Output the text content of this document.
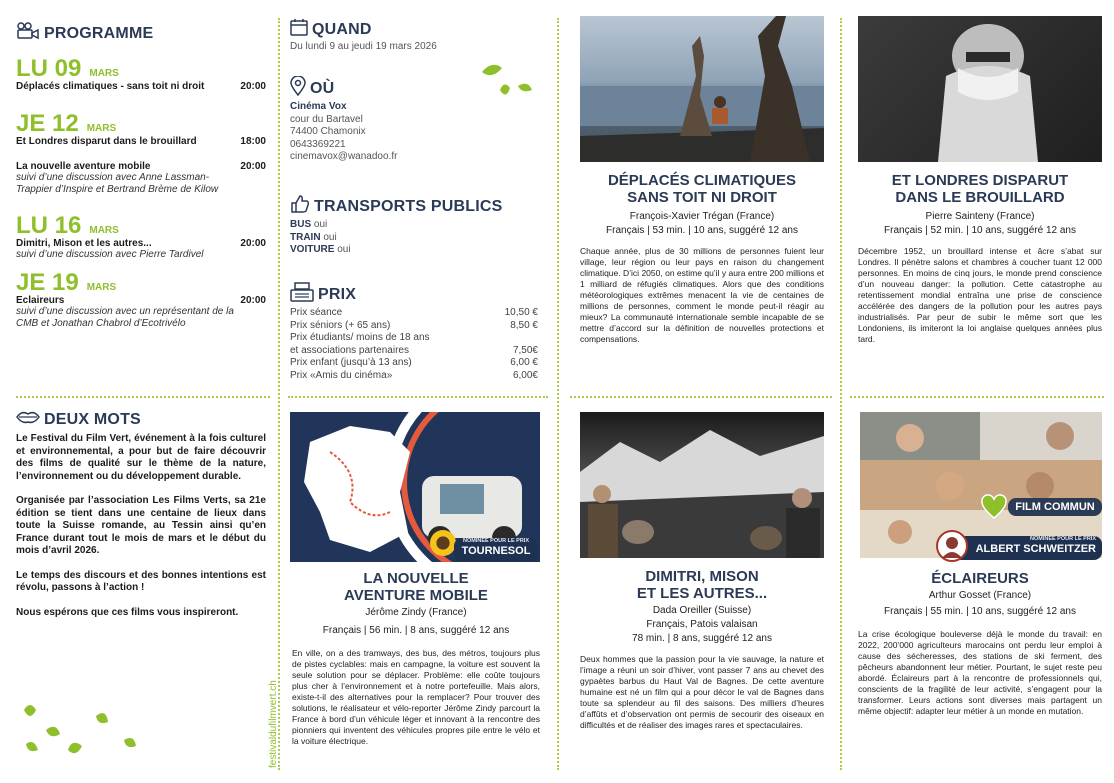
PROGRAMME
LU 09 MARS
Déplacés climatiques - sans toit ni droit	20:00
JE 12 MARS
Et Londres disparut dans le brouillard	18:00
La nouvelle aventure mobile	20:00
suivi d’une discussion avec Anne Lassman-Trappier d’Inspire et Bertrand Brème de Kilow
LU 16 MARS
Dimitri, Mison et les autres...	20:00
suivi d’une discussion avec Pierre Tardivel
JE 19 MARS
Eclaireurs	20:00
suivi d’une discussion avec un représentant de la CMB et Jonathan Chabrol d’Ecotrivélo
DEUX MOTS

Le Festival du Film Vert, événement à la fois culturel et environnemental, a pour but de faire découvrir des films de qualité sur le thème de la nature, l’environnement ou du développement durable.

Organisée par l’association Les Films Verts, sa 21e édition se tient dans une centaine de lieux dans toute la Suisse romande, au Tessin ainsi qu’en France durant tout le mois de mars et le début du mois d’avril 2026.

Le temps des discours et des bonnes intentions est révolu, passons à l’action !

Nous espérons que ces films vous inspireront.

QUAND
Du lundi 9 au jeudi 19 mars 2026
OÙ
Cinéma Vox
cour du Bartavel
74400 Chamonix
0643369221
cinemavox@wanadoo.fr
TRANSPORTS PUBLICS
BUS oui
TRAIN oui
VOITURE oui
PRIX
Prix séance	10,50 €
Prix séniors (+ 65 ans)	8,50 €
Prix étudiants/ moins de 18 ans
et associations partenaires	7,50€
Prix enfant (jusqu’à 13 ans)	6,00 €
Prix «Amis du cinéma»	6,00€
DÉPLACÉS CLIMATIQUES
SANS TOIT NI DROIT
François-Xavier Trégan (France)
Français | 53 min. | 10 ans, suggéré 12 ans

Chaque année, plus de 30 millions de personnes fuient leur village, leur région ou leur pays en raison du changement climatique. D’ici 2050, on estime qu’il y aura entre 200 millions et 1 milliard de réfugiés climatiques. Alors que des conditions météorologiques extrêmes menacent la vie de centaines de millions de personnes, comment le monde peut-il réagir au mieux? La communauté internationale semble incapable de se mettre d’accord sur la définition de nouvelles protections et compensations.

ET LONDRES DISPARUT
DANS LE BROUILLARD
Pierre Sainteny (France)
Français | 52 min. | 10 ans, suggéré 12 ans

Décembre 1952, un brouillard intense et âcre s’abat sur Londres. Il pénètre salons et chambres à coucher tuant 12 000 personnes. En moins de cinq jours, le monde prend conscience d’un nouveau danger: la pollution. Cette catastrophe au retentissement mondial entraîna une prise de conscience accélérée des dangers de la pollution pour les autres pays industrialisés. Par peur de subir le même sort que les Londoniens, ils imiteront la loi anglaise quelques années plus tard.

NOMINÉE POUR LE PRIX
TOURNESOL
LA NOUVELLE
AVENTURE MOBILE
Jérôme Zindy (France)
Français | 56 min. | 8 ans, suggéré 12 ans

En ville, on a des tramways, des bus, des métros, toujours plus de pistes cyclables: mais en campagne, la voiture est souvent la seule solution pour se déplacer. Problème: elle coûte toujours plus cher à l’environnement et à notre portefeuille. Mais alors, existe-t-il des alternatives pour la remplacer? Pour trouver des solutions, le réalisateur et vélo-reporter Jérôme Zindy parcourt la France à bord d’un véhicule léger et innovant à la rencontre des pionniers qui inventent des véhicules propres pile entre le vélo et la voiture électrique.

festivaldufilmvert.ch
DIMITRI, MISON
ET LES AUTRES...
Dada Oreiller (Suisse)
Français, Patois valaisan
78 min. | 8 ans, suggéré 12 ans

Deux hommes que la passion pour la vie sauvage, la nature et l’image a réuni un soir d’hiver, vont passer 7 ans au chevet des gypaètes barbus du Haut Val de Bagnes. De cette aventure humaine est né un film qui a pour décor le val de Bagnes dans toute sa splendeur au fil des saisons. Des milliers d’heures d’affûts et d’observation ont permis de secourir des oiseaux en difficultés et de réaliser des images rares et spectaculaires.

FILM COMMUN
NOMINÉE POUR LE PRIX
ALBERT SCHWEITZER
ÉCLAIREURS
Arthur Gosset (France)
Français | 55 min. | 10 ans, suggéré 12 ans

La crise écologique bouleverse déjà le monde du travail: en 2022, 200’000 agriculteurs marocains ont perdu leur emploi à cause des sécheresses, des stations de ski ferment, des pêcheurs abandonnent leur métier. Pourtant, le sujet reste peu abordé. Éclaireurs part à la rencontre de professionnels qui, conscients de la fragilité de leur activité, s’engagent pour la transformer. Leurs actions sont diverses mais partagent un même objectif: adapter leur métier à un monde en mutation.
